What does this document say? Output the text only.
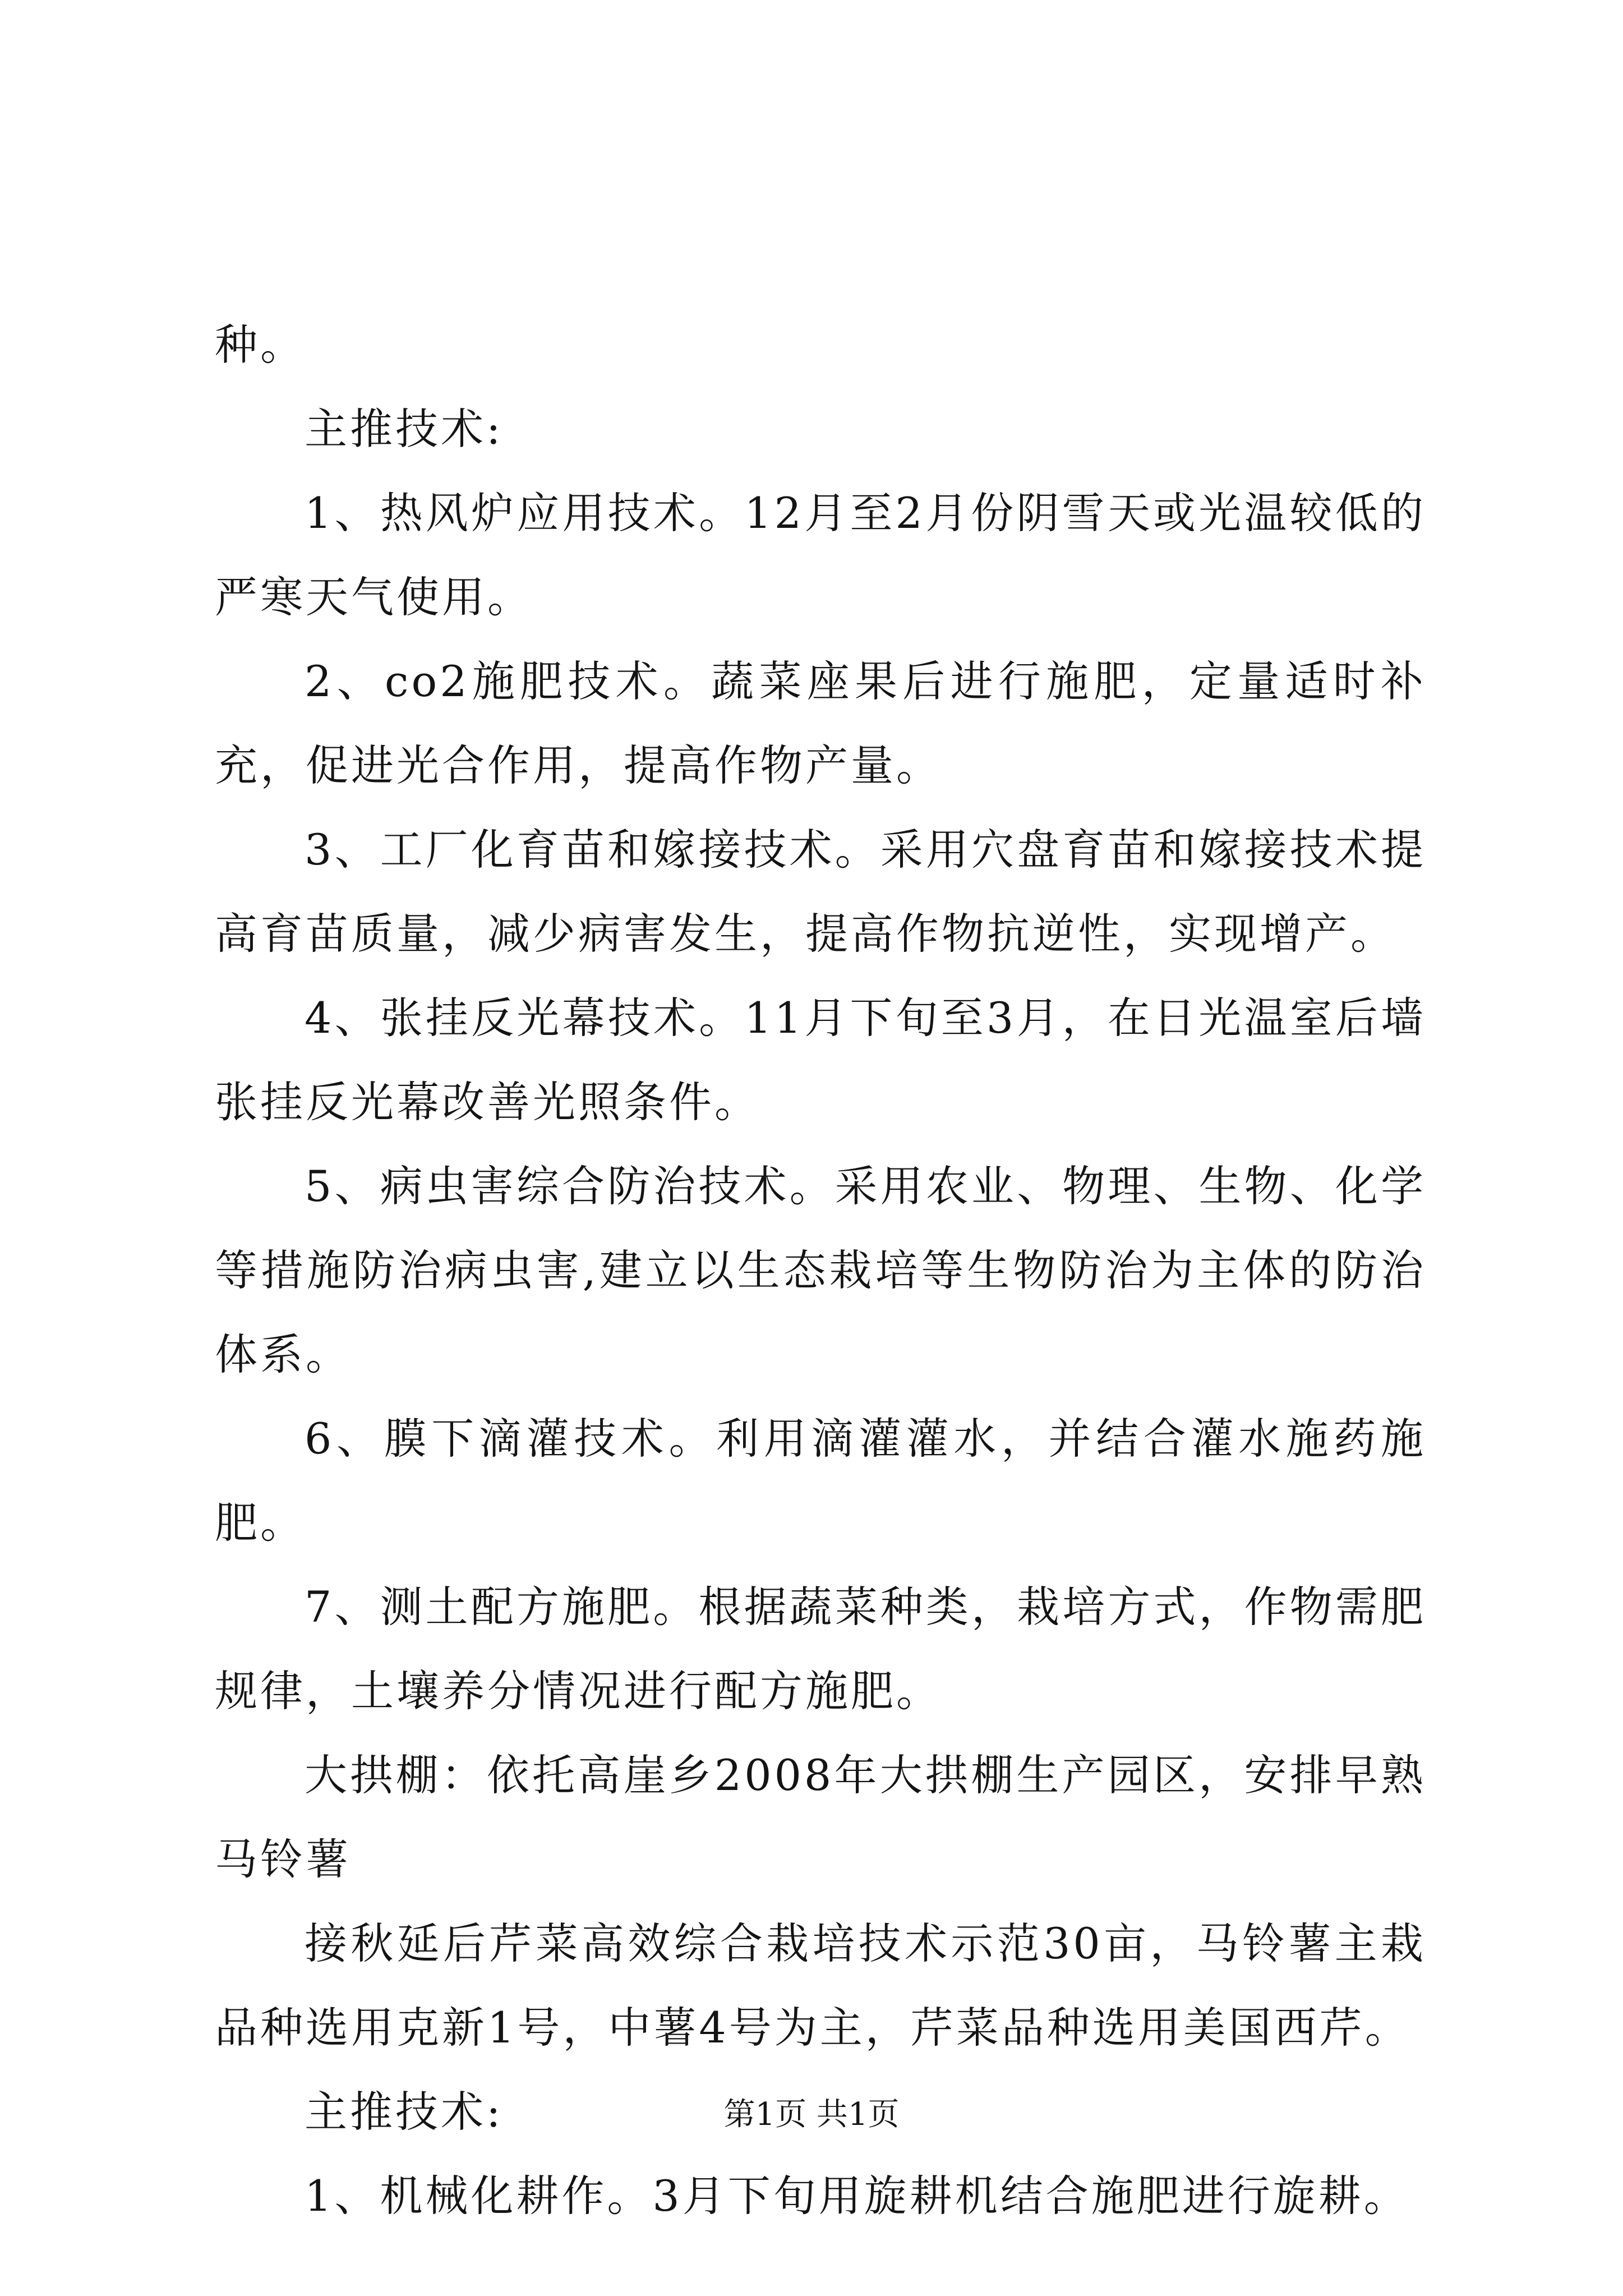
种。

主推技术:

1、热风炉应用技术。12月至2月份阴雪天或光温较低的严寒天气使用。

2、co2施肥技术。蔬菜座果后进行施肥，定量适时补充，促进光合作用，提高作物产量。

3、工厂化育苗和嫁接技术。采用穴盘育苗和嫁接技术提高育苗质量，减少病害发生，提高作物抗逆性，实现增产。

4、张挂反光幕技术。11月下旬至3月，在日光温室后墙张挂反光幕改善光照条件。

5、病虫害综合防治技术。采用农业、物理、生物、化学等措施防治病虫害,建立以生态栽培等生物防治为主体的防治体系。

6、膜下滴灌技术。利用滴灌灌水，并结合灌水施药施肥。

7、测土配方施肥。根据蔬菜种类，栽培方式，作物需肥规律，土壤养分情况进行配方施肥。

大拱棚：依托高崖乡2008年大拱棚生产园区，安排早熟马铃薯

接秋延后芹菜高效综合栽培技术示范30亩，马铃薯主栽品种选用克新1号，中薯4号为主，芹菜品种选用美国西芹。

主推技术:

1、机械化耕作。3月下旬用旋耕机结合施肥进行旋耕。

第1页 共1页
